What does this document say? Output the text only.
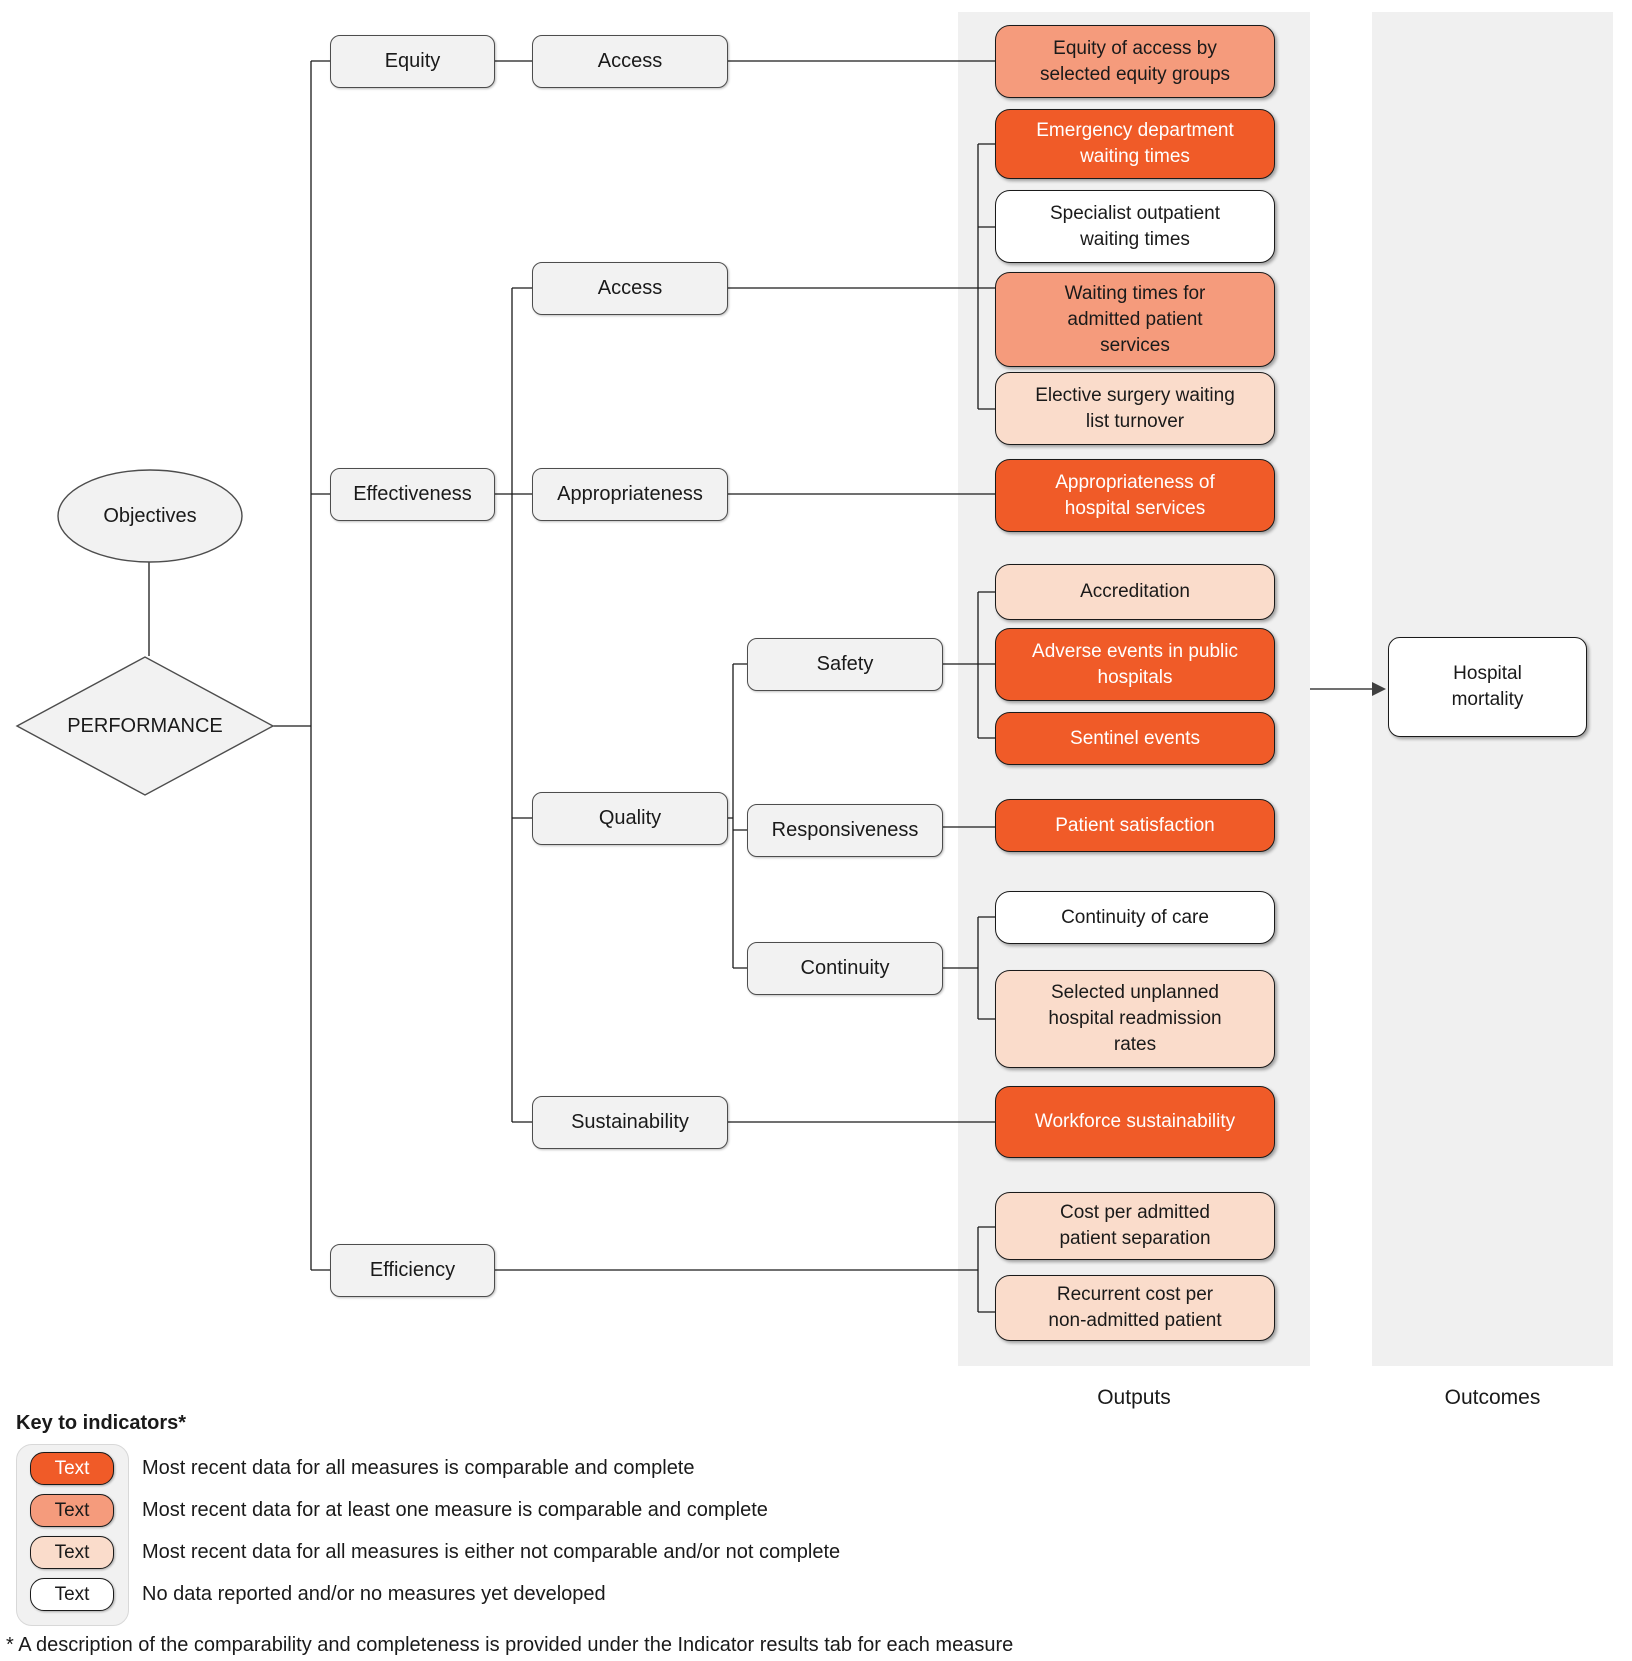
Objectives
PERFORMANCE
Equity
Effectiveness
Efficiency
Access
Access
Appropriateness
Quality
Sustainability
Safety
Responsiveness
Continuity
Equity of access by selected equity groups
Emergency department waiting times
Specialist outpatient waiting times
Waiting times for admitted patient services
Elective surgery waiting list turnover
Appropriateness of hospital services
Accreditation
Adverse events in public hospitals
Sentinel events
Patient satisfaction
Continuity of care
Selected unplanned hospital readmission rates
Workforce sustainability
Cost per admitted patient separation
Recurrent cost per non-admitted patient
Hospital mortality
Outputs	Outcomes
Key to indicators*
Text
Text
Text
Text
Most recent data for all measures is comparable and complete
Most recent data for at least one measure is comparable and complete
Most recent data for all measures is either not comparable and/or not complete
No data reported and/or no measures yet developed
* A description of the comparability and completeness is provided under the Indicator results tab for each measure
